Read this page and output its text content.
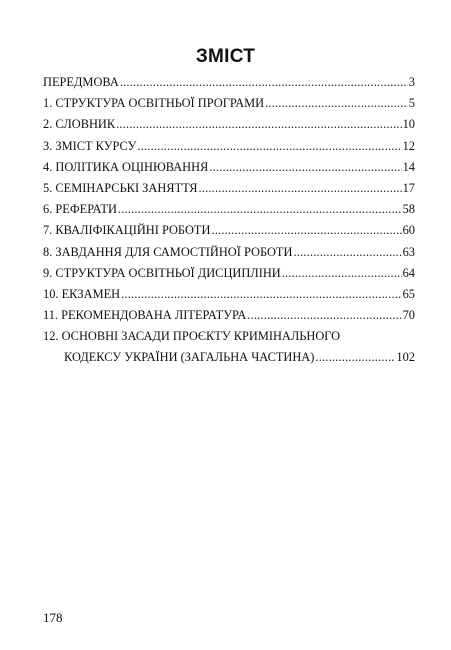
ЗМІСТ
ПЕРЕДМОВА .....	3
1. СТРУКТУРА ОСВІТНЬОЇ ПРОГРАМИ .....	5
2. СЛОВНИК .....	10
3. ЗМІСТ КУРСУ .....	12
4. ПОЛІТИКА ОЦІНЮВАННЯ .....	14
5. СЕМІНАРСЬКІ ЗАНЯТТЯ .....	17
6. РЕФЕРАТИ .....	58
7. КВАЛІФІКАЦІЙНІ РОБОТИ .....	60
8. ЗАВДАННЯ ДЛЯ САМОСТІЙНОЇ РОБОТИ .....	63
9. СТРУКТУРА ОСВІТНЬОЇ ДИСЦИПЛІНИ .....	64
10. ЕКЗАМЕН .....	65
11. РЕКОМЕНДОВАНА ЛІТЕРАТУРА .....	70
12. ОСНОВНІ ЗАСАДИ ПРОЄКТУ КРИМІНАЛЬНОГО
КОДЕКСУ УКРАЇНИ (ЗАГАЛЬНА ЧАСТИНА) .....	102
178
